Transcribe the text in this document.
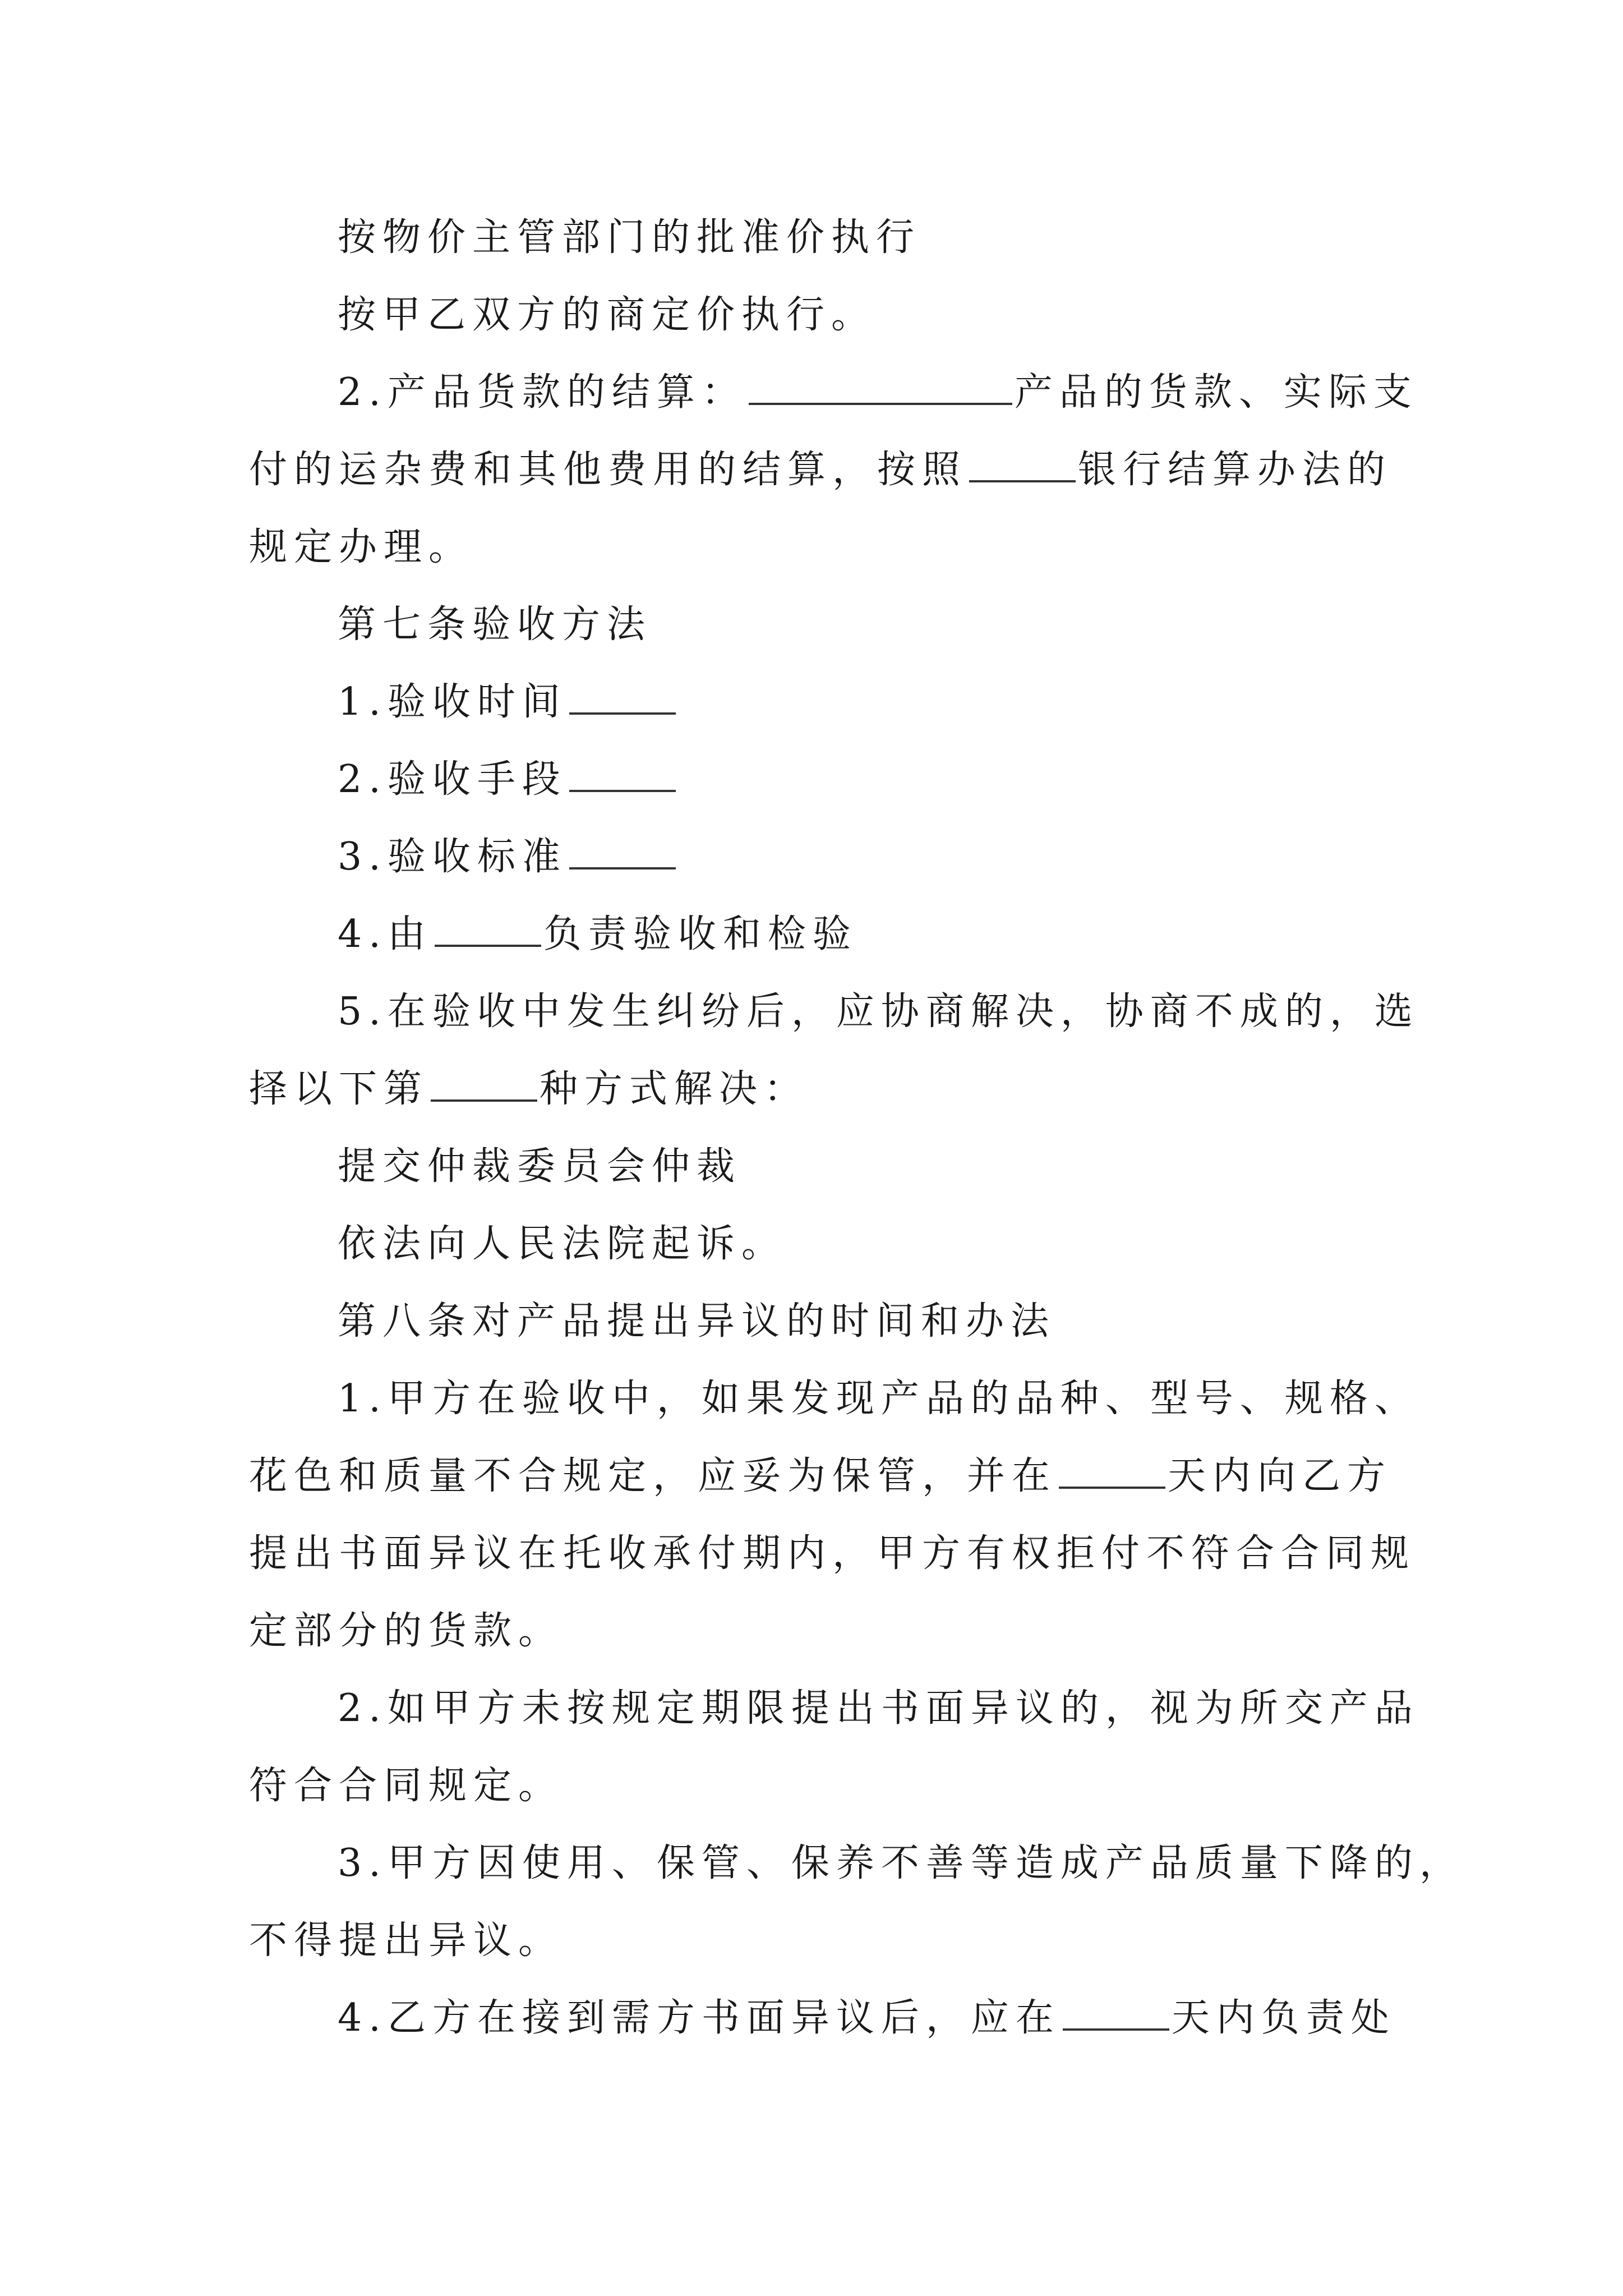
按物价主管部门的批准价执行
按甲乙双方的商定价执行。
2.产品货款的结算：	产品的货款、实际支
付的运杂费和其他费用的结算，按照	银行结算办法的
规定办理。
第七条验收方法
1.验收时间
2.验收手段
3.验收标准
4.由	负责验收和检验
5.在验收中发生纠纷后，应协商解决，协商不成的，选
择以下第	种方式解决：
提交仲裁委员会仲裁
依法向人民法院起诉。
第八条对产品提出异议的时间和办法
1.甲方在验收中，如果发现产品的品种、型号、规格、
花色和质量不合规定，应妥为保管，并在	天内向乙方
提出书面异议在托收承付期内，甲方有权拒付不符合合同规
定部分的货款。
2.如甲方未按规定期限提出书面异议的，视为所交产品
符合合同规定。
3.甲方因使用、保管、保养不善等造成产品质量下降的，
不得提出异议。
4.乙方在接到需方书面异议后，应在	天内负责处
